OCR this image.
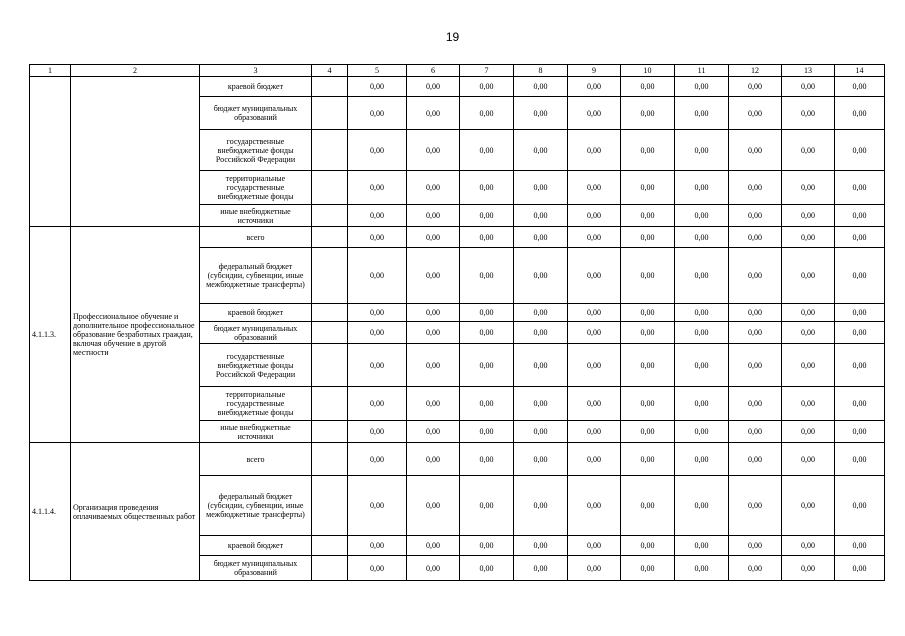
19
1	2	3	4	5	6	7	8	9	10	11	12	13	14
		краевой бюджет		0,00	0,00	0,00	0,00	0,00	0,00	0,00	0,00	0,00	0,00
		бюджет муниципальных образований		0,00	0,00	0,00	0,00	0,00	0,00	0,00	0,00	0,00	0,00
		государственные внебюджетные фонды Российской Федерации		0,00	0,00	0,00	0,00	0,00	0,00	0,00	0,00	0,00	0,00
		территориальные государственные внебюджетные фонды		0,00	0,00	0,00	0,00	0,00	0,00	0,00	0,00	0,00	0,00
		иные внебюджетные источники		0,00	0,00	0,00	0,00	0,00	0,00	0,00	0,00	0,00	0,00
4.1.1.3.	Профессиональное обучение и дополнительное профессиональное образование безработных граждан, включая обучение в другой местности	всего		0,00	0,00	0,00	0,00	0,00	0,00	0,00	0,00	0,00	0,00
		федеральный бюджет (субсидии, субвенции, иные межбюджетные трансферты)		0,00	0,00	0,00	0,00	0,00	0,00	0,00	0,00	0,00	0,00
		краевой бюджет		0,00	0,00	0,00	0,00	0,00	0,00	0,00	0,00	0,00	0,00
		бюджет муниципальных образований		0,00	0,00	0,00	0,00	0,00	0,00	0,00	0,00	0,00	0,00
		государственные внебюджетные фонды Российской Федерации		0,00	0,00	0,00	0,00	0,00	0,00	0,00	0,00	0,00	0,00
		территориальные государственные внебюджетные фонды		0,00	0,00	0,00	0,00	0,00	0,00	0,00	0,00	0,00	0,00
		иные внебюджетные источники		0,00	0,00	0,00	0,00	0,00	0,00	0,00	0,00	0,00	0,00
4.1.1.4.	Организация проведения оплачиваемых общественных работ	всего		0,00	0,00	0,00	0,00	0,00	0,00	0,00	0,00	0,00	0,00
		федеральный бюджет (субсидии, субвенции, иные межбюджетные трансферты)		0,00	0,00	0,00	0,00	0,00	0,00	0,00	0,00	0,00	0,00
		краевой бюджет		0,00	0,00	0,00	0,00	0,00	0,00	0,00	0,00	0,00	0,00
		бюджет муниципальных образований		0,00	0,00	0,00	0,00	0,00	0,00	0,00	0,00	0,00	0,00
